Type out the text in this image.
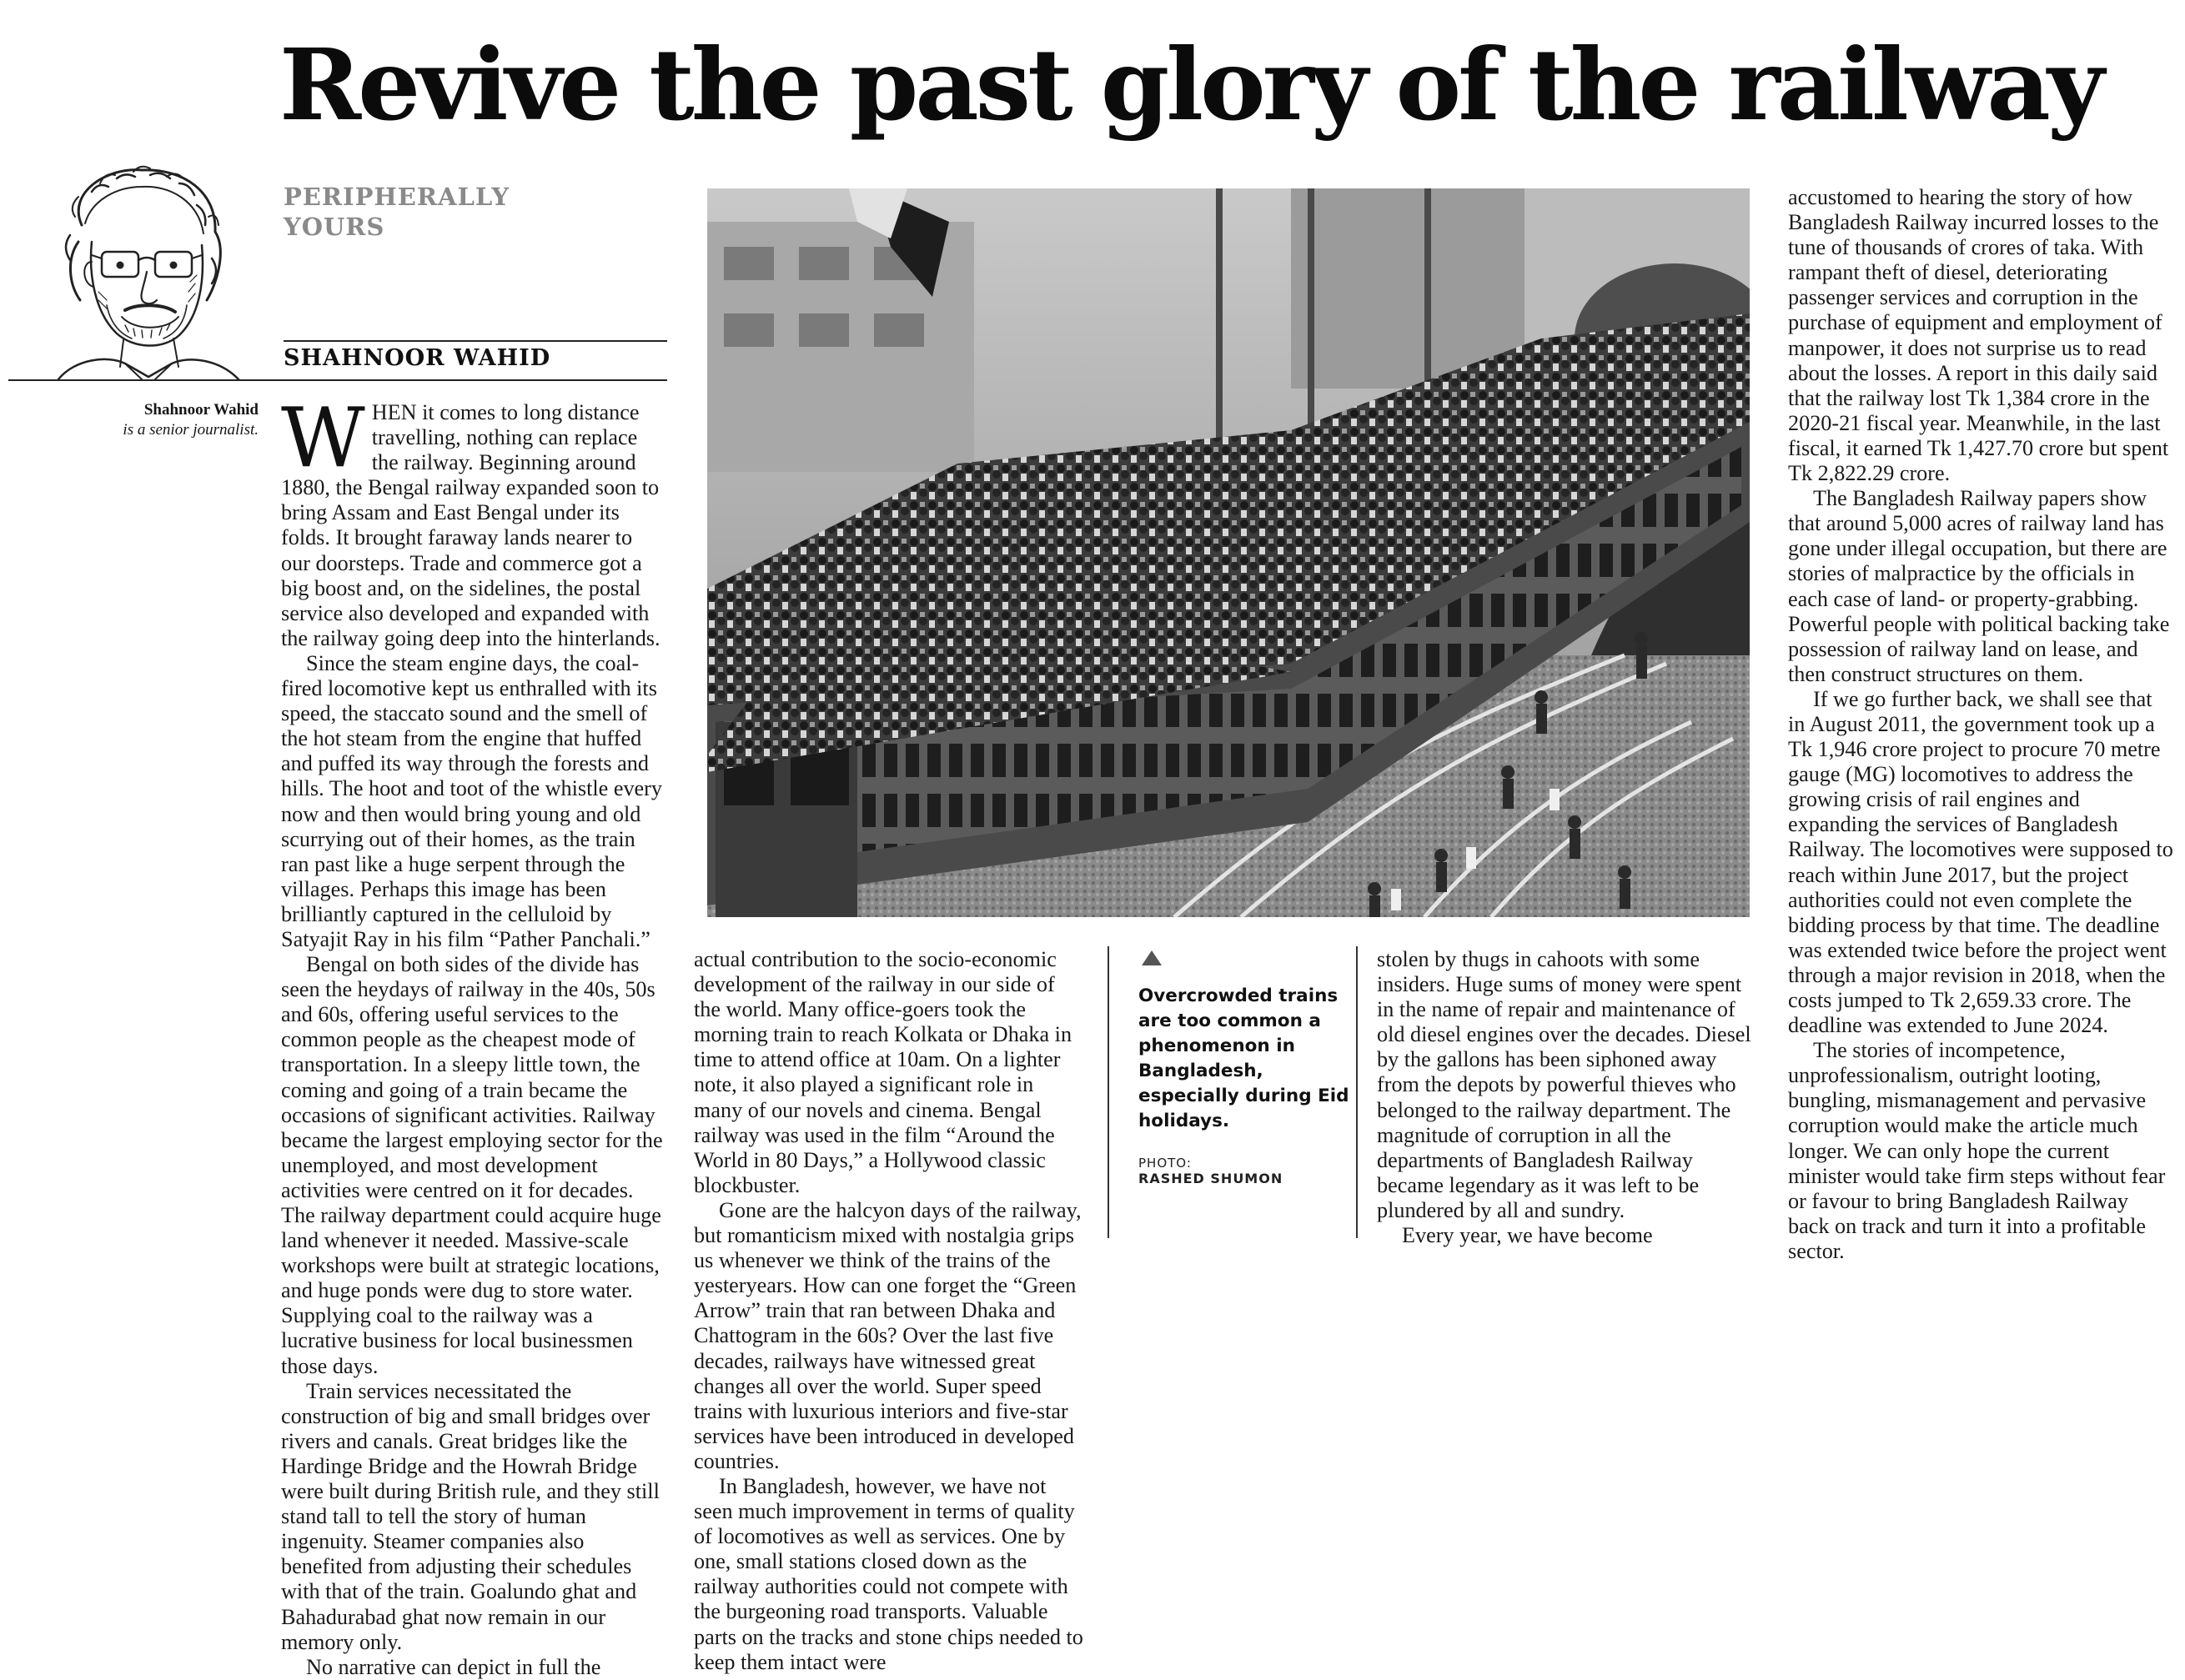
Revive the past glory of the railway
PERIPHERALLY
YOURS
SHAHNOOR WAHID
Shahnoor Wahid
is a senior journalist. WHEN it comes to long distance travelling, nothing can replace the railway. Beginning around 1880, the Bengal railway expanded soon to bring Assam and East Bengal under its folds. It brought faraway lands nearer to our doorsteps. Trade and commerce got a big boost and, on the sidelines, the postal service also developed and expanded with the railway going deep into the hinterlands.

Since the steam engine days, the coal-fired locomotive kept us enthralled with its speed, the staccato sound and the smell of the hot steam from the engine that huffed and puffed its way through the forests and hills. The hoot and toot of the whistle every now and then would bring young and old scurrying out of their homes, as the train ran past like a huge serpent through the villages. Perhaps this image has been brilliantly captured in the celluloid by Satyajit Ray in his film “Pather Panchali.”

Bengal on both sides of the divide has seen the heydays of railway in the 40s, 50s and 60s, offering useful services to the common people as the cheapest mode of transportation. In a sleepy little town, the coming and going of a train became the occasions of significant activities. Railway became the largest employing sector for the unemployed, and most development activities were centred on it for decades. The railway department could acquire huge land whenever it needed. Massive-scale workshops were built at strategic locations, and huge ponds were dug to store water. Supplying coal to the railway was a lucrative business for local businessmen those days.

Train services necessitated the construction of big and small bridges over rivers and canals. Great bridges like the Hardinge Bridge and the Howrah Bridge were built during British rule, and they still stand tall to tell the story of human ingenuity. Steamer companies also benefited from adjusting their schedules with that of the train. Goalundo ghat and Bahadurabad ghat now remain in our memory only.

No narrative can depict in full the

actual contribution to the socio-economic development of the railway in our side of the world. Many office-goers took the morning train to reach Kolkata or Dhaka in time to attend office at 10am. On a lighter note, it also played a significant role in many of our novels and cinema. Bengal railway was used in the film “Around the World in 80 Days,” a Hollywood classic blockbuster.

Gone are the halcyon days of the railway, but romanticism mixed with nostalgia grips us whenever we think of the trains of the yesteryears. How can one forget the “Green Arrow” train that ran between Dhaka and Chattogram in the 60s? Over the last five decades, railways have witnessed great changes all over the world. Super speed trains with luxurious interiors and five-star services have been introduced in developed countries.

In Bangladesh, however, we have not seen much improvement in terms of quality of locomotives as well as services. One by one, small stations closed down as the railway authorities could not compete with the burgeoning road transports. Valuable parts on the tracks and stone chips needed to keep them intact were

Overcrowded trains are too common a phenomenon in Bangladesh, especially during Eid holidays.
PHOTO:
RASHED SHUMON

stolen by thugs in cahoots with some insiders. Huge sums of money were spent in the name of repair and maintenance of old diesel engines over the decades. Diesel by the gallons has been siphoned away from the depots by powerful thieves who belonged to the railway department. The magnitude of corruption in all the departments of Bangladesh Railway became legendary as it was left to be plundered by all and sundry.

Every year, we have become

accustomed to hearing the story of how Bangladesh Railway incurred losses to the tune of thousands of crores of taka. With rampant theft of diesel, deteriorating passenger services and corruption in the purchase of equipment and employment of manpower, it does not surprise us to read about the losses. A report in this daily said that the railway lost Tk 1,384 crore in the 2020-21 fiscal year. Meanwhile, in the last fiscal, it earned Tk 1,427.70 crore but spent Tk 2,822.29 crore.

The Bangladesh Railway papers show that around 5,000 acres of railway land has gone under illegal occupation, but there are stories of malpractice by the officials in each case of land- or property-grabbing. Powerful people with political backing take possession of railway land on lease, and then construct structures on them.

If we go further back, we shall see that in August 2011, the government took up a Tk 1,946 crore project to procure 70 metre gauge (MG) locomotives to address the growing crisis of rail engines and expanding the services of Bangladesh Railway. The locomotives were supposed to reach within June 2017, but the project authorities could not even complete the bidding process by that time. The deadline was extended twice before the project went through a major revision in 2018, when the costs jumped to Tk 2,659.33 crore. The deadline was extended to June 2024.

The stories of incompetence, unprofessionalism, outright looting, bungling, mismanagement and pervasive corruption would make the article much longer. We can only hope the current minister would take firm steps without fear or favour to bring Bangladesh Railway back on track and turn it into a profitable sector.
